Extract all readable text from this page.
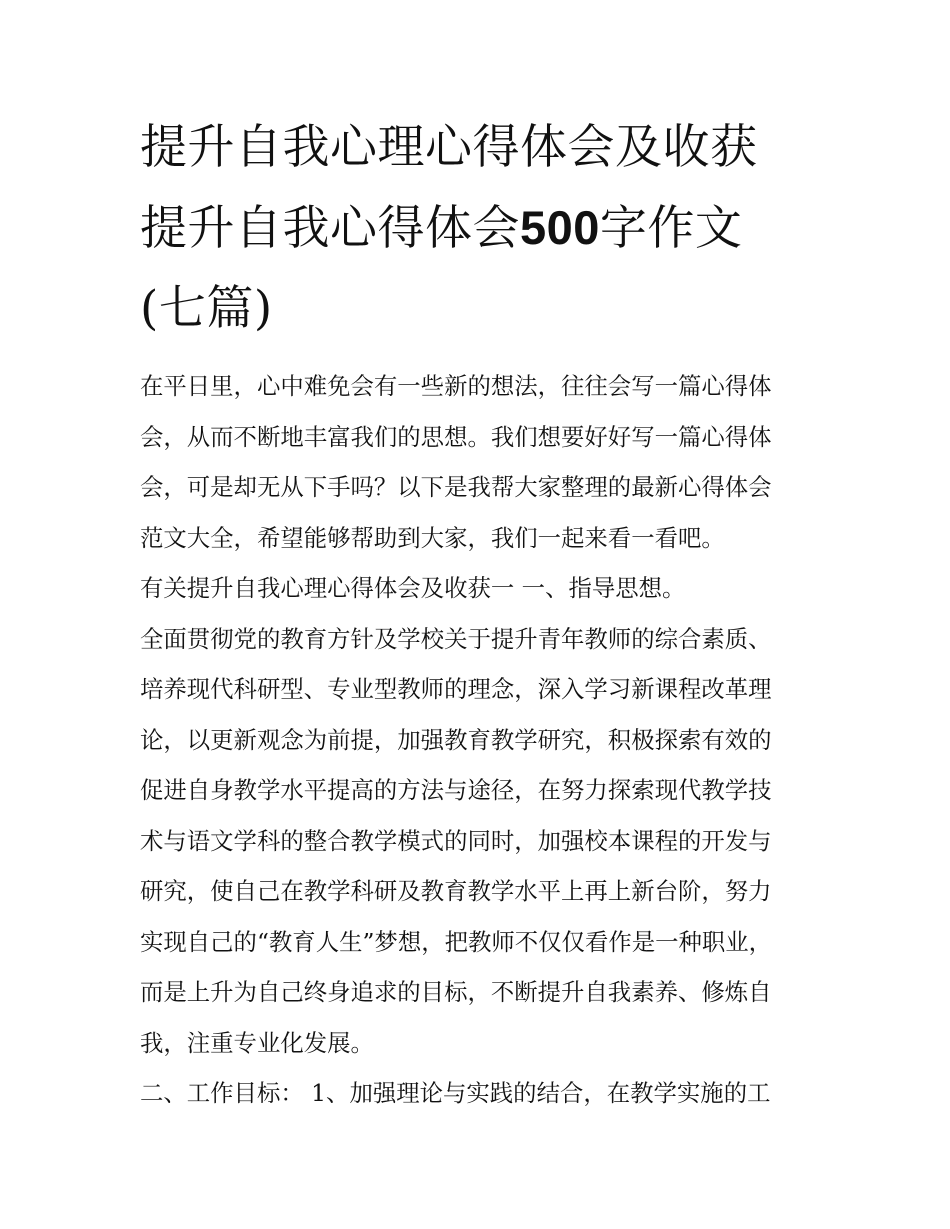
提升自我心理心得体会及收获
提升自我心得体会500字作文
(七篇)
在平日里，心中难免会有一些新的想法，往往会写一篇心得体
会，从而不断地丰富我们的思想。我们想要好好写一篇心得体
会，可是却无从下手吗？以下是我帮大家整理的最新心得体会
范文大全，希望能够帮助到大家，我们一起来看一看吧。
有关提升自我心理心得体会及收获一 一、指导思想。
全面贯彻党的教育方针及学校关于提升青年教师的综合素质、
培养现代科研型、专业型教师的理念，深入学习新课程改革理
论，以更新观念为前提，加强教育教学研究，积极探索有效的
促进自身教学水平提高的方法与途径，在努力探索现代教学技
术与语文学科的整合教学模式的同时，加强校本课程的开发与
研究，使自己在教学科研及教育教学水平上再上新台阶，努力
实现自己的“教育人生”梦想，把教师不仅仅看作是一种职业，
而是上升为自己终身追求的目标，不断提升自我素养、修炼自
我，注重专业化发展。
二、工作目标： 1、加强理论与实践的结合，在教学实施的工
